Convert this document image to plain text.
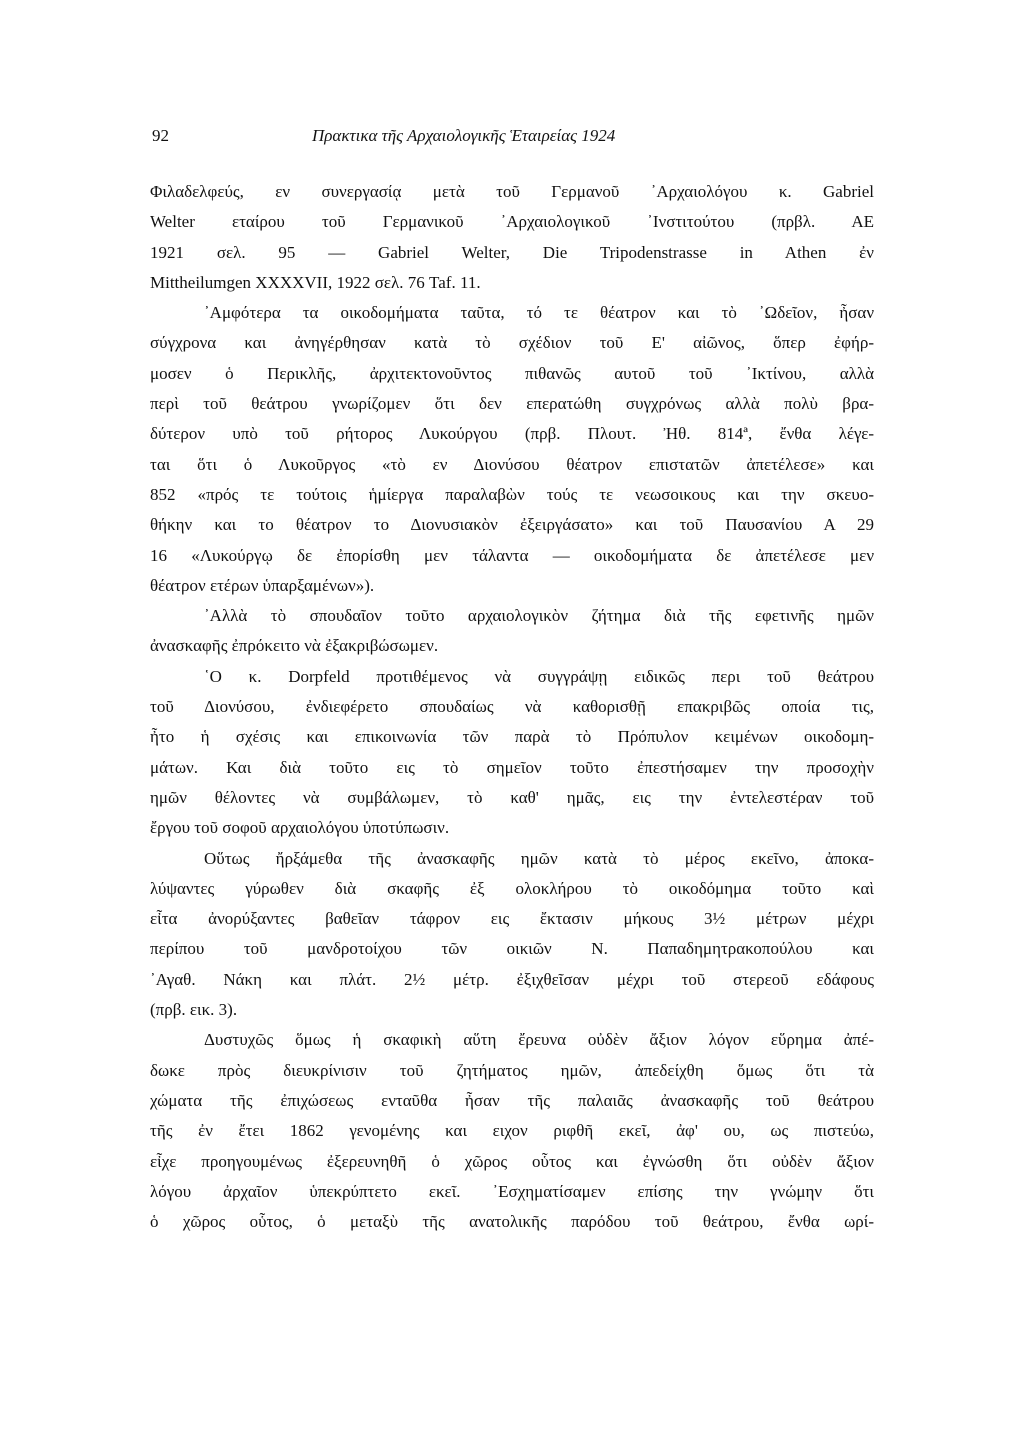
92	Πρακτικα τῆς Αρχαιολογικῆς Ἑταιρείας 1924
Φιλαδελφεύς, εν συνεργασίᾳ μετὰ τοῦ Γερμανοῦ ᾿Αρχαιολόγου κ. Gabriel
Welter εταίρου τοῦ Γερμανικοῦ ᾿Αρχαιολογικοῦ ᾿Ινστιτούτου (πρβλ. ΑΕ
1921 σελ. 95 — Gabriel Welter, Die Tripodenstrasse in Athen ἐν
Mittheilumgen XXXXVII, 1922 σελ. 76 Taf. 11.
᾿Αμφότερα τα οικοδομήματα ταῦτα, τό τε θέατρον και τὸ ᾿Ωδεῖον, ἦσαν
σύγχρονα και ἀνηγέρθησαν κατὰ τὸ σχέδιον τοῦ Ε' αἰῶνος, ὅπερ ἐφήρ-
μοσεν ὁ Περικλῆς, ἀρχιτεκτονοῦντος πιθανῶς αυτοῦ τοῦ ᾿Ικτίνου, αλλὰ
περὶ τοῦ θεάτρου γνωρίζομεν ὅτι δεν επερατώθη συγχρόνως αλλὰ πολὺ βρα-
δύτερον υπὸ τοῦ ρήτορος Λυκούργου (πρβ. Πλουτ. Ἠθ. 814ª, ἔνθα λέγε-
ται ὅτι ὁ Λυκοῦργος «τὸ εν Διονύσου θέατρον επιστατῶν ἀπετέλεσε» και
852 «πρός τε τούτοις ἡμίεργα παραλαβὼν τούς τε νεωσοικους και την σκευο-
θήκην και το θέατρον το Διονυσιακὸν ἐξειργάσατο» και τοῦ Παυσανίου Α 29
16 «Λυκούργῳ δε ἐπορίσθη μεν τάλαντα — οικοδομήματα δε ἀπετέλεσε μεν
θέατρον ετέρων ὑπαρξαμένων»).
᾿Αλλὰ τὸ σπουδαῖον τοῦτο αρχαιολογικὸν ζήτημα διὰ τῆς εφετινῆς ημῶν
ἀνασκαφῆς ἐπρόκειτο νὰ ἐξακριβώσωμεν.
῾Ο κ. Dorpfeld προτιθέμενος νὰ συγγράψῃ ειδικῶς περι τοῦ θεάτρου
τοῦ Διονύσου, ἐνδιεφέρετο σπουδαίως νὰ καθορισθῇ επακριβῶς οποία τις,
ἦτο ἡ σχέσις και επικοινωνία τῶν παρὰ τὸ Πρόπυλον κειμένων οικοδομη-
μάτων. Και διὰ τοῦτο εις τὸ σημεῖον τοῦτο ἐπεστήσαμεν την προσοχὴν
ημῶν θέλοντες νὰ συμβάλωμεν, τὸ καθ' ημᾶς, εις την ἐντελεστέραν τοῦ
ἔργου τοῦ σοφοῦ αρχαιολόγου ὑποτύπωσιν.
Οὕτως ἤρξάμεθα τῆς ἀνασκαφῆς ημῶν κατὰ τὸ μέρος εκεῖνο, ἀποκα-
λύψαντες γύρωθεν διὰ σκαφῆς ἐξ ολοκλήρου τὸ οικοδόμημα τοῦτο καὶ
εἶτα ἀνορύξαντες βαθεῖαν τάφρον εις ἔκτασιν μήκους 3½ μέτρων μέχρι
περίπου τοῦ μανδροτοίχου τῶν οικιῶν Ν. Παπαδημητρακοπούλου και
᾿Αγαθ. Νάκη και πλάτ. 2½ μέτρ. ἐξιχθεῖσαν μέχρι τοῦ στερεοῦ εδάφους
(πρβ. εικ. 3).
Δυστυχῶς ὅμως ἡ σκαφικὴ αὕτη ἔρευνα οὐδὲν ἄξιον λόγον εὕρημα ἀπέ-
δωκε πρὸς διευκρίνισιν τοῦ ζητήματος ημῶν, ἀπεδείχθη ὅμως ὅτι τὰ
χώματα τῆς ἐπιχώσεως ενταῦθα ἦσαν τῆς παλαιᾶς ἀνασκαφῆς τοῦ θεάτρου
τῆς ἐν ἔτει 1862 γενομένης και ειχον ριφθῆ εκεῖ, ἀφ' ου, ως πιστεύω,
εἶχε προηγουμένως ἐξερευνηθῆ ὁ χῶρος οὗτος και ἐγνώσθη ὅτι οὐδὲν ἄξιον
λόγου ἀρχαῖον ὑπεκρύπτετο εκεῖ. ᾿Εσχηματίσαμεν επίσης την γνώμην ὅτι
ὁ χῶρος οὗτος, ὁ μεταξὺ τῆς ανατολικῆς παρόδου τοῦ θεάτρου, ἔνθα ωρί-
